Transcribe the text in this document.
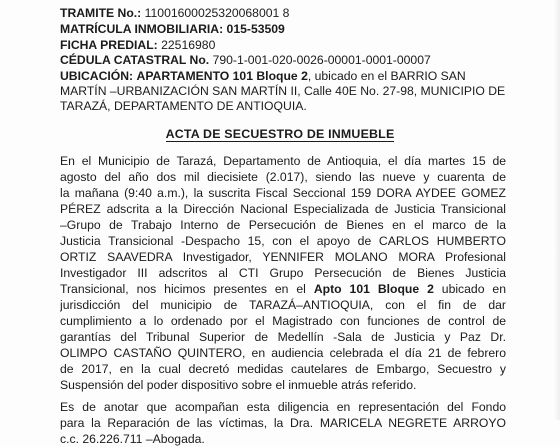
TRAMITE No.: 11001600025320068001 8
MATRÍCULA INMOBILIARIA: 015-53509
FICHA PREDIAL: 22516980
CÉDULA CATASTRAL No. 790-1-001-020-0026-00001-0001-00007
UBICACIÓN: APARTAMENTO 101 Bloque 2, ubicado en el BARRIO SAN MARTÍN –URBANIZACIÓN SAN MARTÍN II, Calle 40E No. 27-98, MUNICIPIO DE TARAZÁ, DEPARTAMENTO DE ANTIOQUIA.
ACTA DE SECUESTRO DE INMUEBLE
En el Municipio de Tarazá, Departamento de Antioquia, el día martes 15 de
agosto del año dos mil diecisiete (2.017), siendo las nueve y cuarenta de
la mañana (9:40 a.m.), la suscrita Fiscal Seccional 159 DORA AYDEE GOMEZ
PÉREZ adscrita a la Dirección Nacional Especializada de Justicia Transicional
–Grupo de Trabajo Interno de Persecución de Bienes en el marco de la
Justicia Transicional -Despacho 15, con el apoyo de CARLOS HUMBERTO
ORTIZ SAAVEDRA Investigador, YENNIFER MOLANO MORA Profesional
Investigador III adscritos al CTI Grupo Persecución de Bienes Justicia
Transicional, nos hicimos presentes en el Apto 101 Bloque 2 ubicado en
jurisdicción del municipio de TARAZÁ–ANTIOQUIA, con el fin de dar
cumplimiento a lo ordenado por el Magistrado con funciones de control de
garantías del Tribunal Superior de Medellín -Sala de Justicia y Paz Dr.
OLIMPO CASTAÑO QUINTERO, en audiencia celebrada el día 21 de febrero
de 2017, en la cual decretó medidas cautelares de Embargo, Secuestro y
Suspensión del poder dispositivo sobre el inmueble atrás referido.
Es de anotar que acompañan esta diligencia en representación del Fondo
para la Reparación de las víctimas, la Dra. MARICELA NEGRETE ARROYO
c.c. 26.226.711 –Abogada.
